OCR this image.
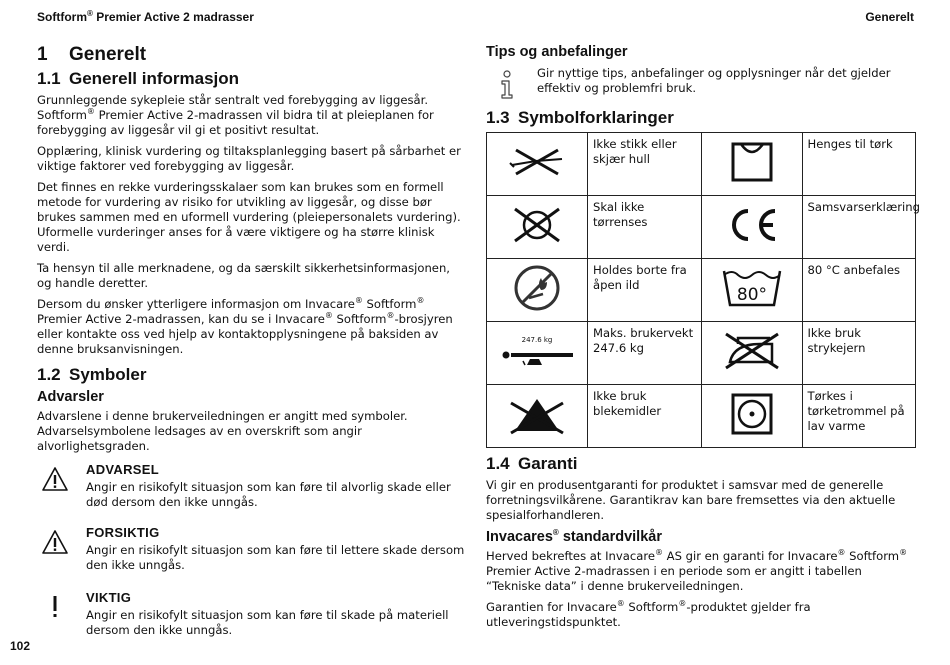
Softform® Premier Active 2 madrasser	Generelt
102
1 Generelt
1.1 Generell informasjon

Grunnleggende sykepleie står sentralt ved forebygging av liggesår. Softform® Premier Active 2-madrassen vil bidra til at pleieplanen for forebygging av liggesår vil gi et positivt resultat.

Opplæring, klinisk vurdering og tiltaksplanlegging basert på sårbarhet er viktige faktorer ved forebygging av liggesår.

Det finnes en rekke vurderingsskalaer som kan brukes som en formell metode for vurdering av risiko for utvikling av liggesår, og disse bør brukes sammen med en uformell vurdering (pleiepersonalets vurdering). Uformelle vurderinger anses for å være viktigere og ha større klinisk verdi.

Ta hensyn til alle merknadene, og da særskilt sikkerhetsinformasjonen, og handle deretter.

Dersom du ønsker ytterligere informasjon om Invacare® Softform® Premier Active 2-madrassen, kan du se i Invacare® Softform®-brosjyren eller kontakte oss ved hjelp av kontaktopplysningene på baksiden av denne bruksanvisningen.

1.2 Symboler
Advarsler

Advarslene i denne brukerveiledningen er angitt med symboler. Advarselsymbolene ledsages av en overskrift som angir alvorlighetsgraden.

ADVARSEL

Angir en risikofylt situasjon som kan føre til alvorlig skade eller død dersom den ikke unngås.

FORSIKTIG

Angir en risikofylt situasjon som kan føre til lettere skade dersom den ikke unngås.

VIKTIG

Angir en risikofylt situasjon som kan føre til skade på materiell dersom den ikke unngås.

Tips og anbefalinger

Gir nyttige tips, anbefalinger og opplysninger når det gjelder effektiv og problemfri bruk.

1.3 Symbolforklaringer
	Ikke stikk eller skjær hull		Henges til tørk
	Skal ikke tørrenses		Samsvarserklæring
	Holdes borte fra åpen ild	80°	80 °C anbefales

247.6 kg	Maks. brukervekt 247.6 kg		Ikke bruk strykejern
	Ikke bruk blekemidler		Tørkes i tørketrommel på lav varme
1.4 Garanti

Vi gir en produsentgaranti for produktet i samsvar med de generelle forretningsvilkårene. Garantikrav kan bare fremsettes via den aktuelle spesialforhandleren.

Invacares® standardvilkår

Herved bekreftes at Invacare® AS gir en garanti for Invacare® Softform® Premier Active 2-madrassen i en periode som er angitt i tabellen “Tekniske data” i denne brukerveiledningen.

Garantien for Invacare® Softform®-produktet gjelder fra utleveringstidspunktet.
